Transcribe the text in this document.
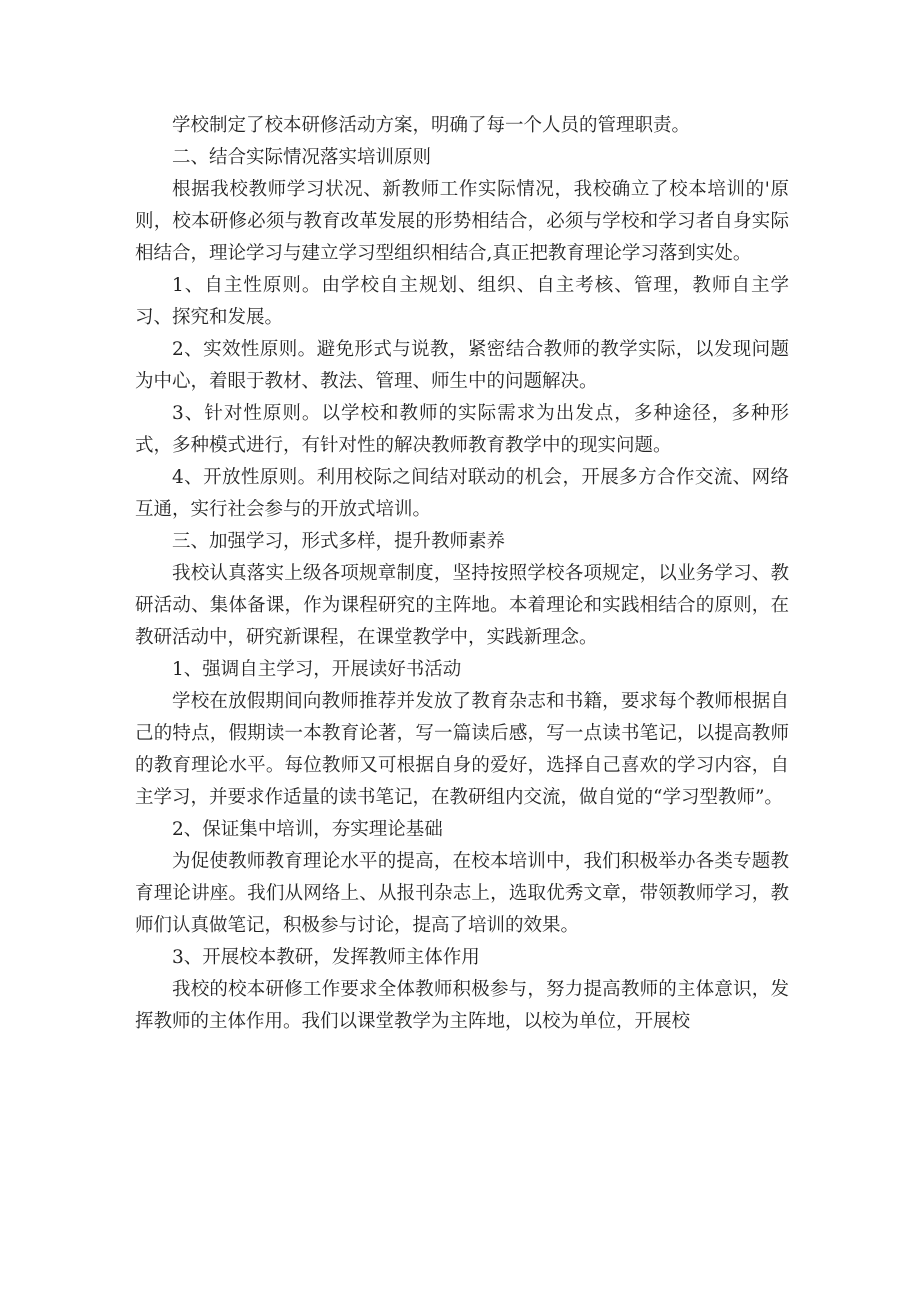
学校制定了校本研修活动方案，明确了每一个人员的管理职责。

二、结合实际情况落实培训原则

根据我校教师学习状况、新教师工作实际情况，我校确立了校本培训的'原则，校本研修必须与教育改革发展的形势相结合，必须与学校和学习者自身实际相结合，理论学习与建立学习型组织相结合,真正把教育理论学习落到实处。

1、自主性原则。由学校自主规划、组织、自主考核、管理，教师自主学习、探究和发展。

2、实效性原则。避免形式与说教，紧密结合教师的教学实际，以发现问题为中心，着眼于教材、教法、管理、师生中的问题解决。

3、针对性原则。以学校和教师的实际需求为出发点，多种途径，多种形式，多种模式进行，有针对性的解决教师教育教学中的现实问题。

4、开放性原则。利用校际之间结对联动的机会，开展多方合作交流、网络互通，实行社会参与的开放式培训。

三、加强学习，形式多样，提升教师素养

我校认真落实上级各项规章制度，坚持按照学校各项规定，以业务学习、教研活动、集体备课，作为课程研究的主阵地。本着理论和实践相结合的原则，在教研活动中，研究新课程，在课堂教学中，实践新理念。

1、强调自主学习，开展读好书活动

学校在放假期间向教师推荐并发放了教育杂志和书籍，要求每个教师根据自己的特点，假期读一本教育论著，写一篇读后感，写一点读书笔记，以提高教师的教育理论水平。每位教师又可根据自身的爱好，选择自己喜欢的学习内容，自主学习，并要求作适量的读书笔记，在教研组内交流，做自觉的“学习型教师”。

2、保证集中培训，夯实理论基础

为促使教师教育理论水平的提高，在校本培训中，我们积极举办各类专题教育理论讲座。我们从网络上、从报刊杂志上，选取优秀文章，带领教师学习，教师们认真做笔记，积极参与讨论，提高了培训的效果。

3、开展校本教研，发挥教师主体作用

我校的校本研修工作要求全体教师积极参与，努力提高教师的主体意识，发挥教师的主体作用。我们以课堂教学为主阵地，以校为单位，开展校
